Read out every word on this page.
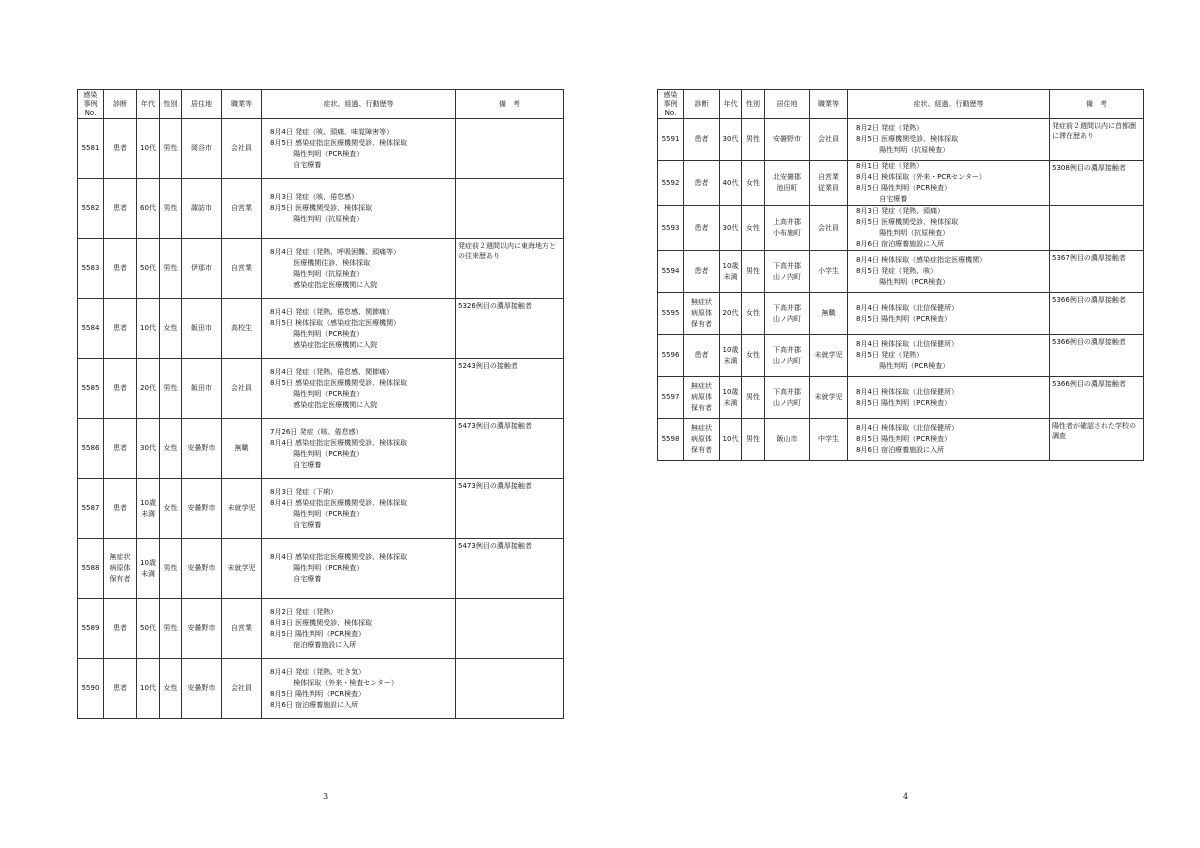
感染
事例
No.	診断	年代	性別	居住地	職業等	症状、経過、行動歴等	備　考
5581	患者	10代	男性	岡谷市	会社員	8月4日 発症（咳、頭痛、味覚障害等）
8月5日 感染症指定医療機関受診、検体採取
　　　 陽性判明（PCR検査）
　　　 自宅療養	

5582	患者	60代	男性	諏訪市	自営業	8月3日 発症（咳、倦怠感）
8月5日 医療機関受診、検体採取
　　　 陽性判明（抗原検査）	

5583	患者	50代	男性	伊那市	自営業	8月4日 発症（発熱、呼吸困難、頭痛等）
　　　 医療機関往診、検体採取
　　　 陽性判明（抗原検査）
　　　 感染症指定医療機関に入院	発症前２週間以内に東海地方との往来歴あり
5584	患者	10代	女性	飯田市	高校生	8月4日 発症（発熱、倦怠感、関節痛）
8月5日 検体採取（感染症指定医療機関）
　　　 陽性判明（PCR検査）
　　　 感染症指定医療機関に入院	5326例目の濃厚接触者
5585	患者	20代	男性	飯田市	会社員	8月4日 発症（発熱、倦怠感、関節痛）
8月5日 感染症指定医療機関受診、検体採取
　　　 陽性判明（PCR検査）
　　　 感染症指定医療機関に入院	5243例目の接触者
5586	患者	30代	女性	安曇野市	無職	7月26日 発症（咳、倦怠感）
8月4日 感染症指定医療機関受診、検体採取
　　　 陽性判明（PCR検査）
　　　 自宅療養	5473例目の濃厚接触者
5587	患者	10歳
未満	女性	安曇野市	未就学児	8月3日 発症（下痢）
8月4日 感染症指定医療機関受診、検体採取
　　　 陽性判明（PCR検査）
　　　 自宅療養	5473例目の濃厚接触者
5588	無症状
病原体
保有者	10歳
未満	男性	安曇野市	未就学児	8月4日 感染症指定医療機関受診、検体採取
　　　 陽性判明（PCR検査）
　　　 自宅療養	5473例目の濃厚接触者
5589	患者	50代	男性	安曇野市	自営業	8月2日 発症（発熱）
8月3日 医療機関受診、検体採取
8月5日 陽性判明（PCR検査）
　　　 宿泊療養施設に入所	

5590	患者	10代	女性	安曇野市	会社員	8月4日 発症（発熱、吐き気）
　　　 検体採取（外来・検査センター）
8月5日 陽性判明（PCR検査）
8月6日 宿泊療養施設に入所	

3
感染
事例
No.	診断	年代	性別	居住地	職業等	症状、経過、行動歴等	備　考
5591	患者	30代	男性	安曇野市	会社員	8月2日 発症（発熱）
8月5日 医療機関受診、検体採取
　　　 陽性判明（抗原検査）	発症前２週間以内に首都圏に滞在歴あり
5592	患者	40代	女性	北安曇郡
池田町	自営業
従業員	8月1日 発症（発熱）
8月4日 検体採取（外来・PCRセンター）
8月5日 陽性判明（PCR検査）
　　　 自宅療養	5308例目の濃厚接触者
5593	患者	30代	女性	上高井郡
小布施町	会社員	8月3日 発症（発熱、頭痛）
8月5日 医療機関受診、検体採取
　　　 陽性判明（抗原検査）
8月6日 宿泊療養施設に入所	

5594	患者	10歳
未満	男性	下高井郡
山ノ内町	小学生	8月4日 検体採取（感染症指定医療機関）
8月5日 発症（発熱、咳）
　　　 陽性判明（PCR検査）	5367例目の濃厚接触者
5595	無症状
病原体
保有者	20代	女性	下高井郡
山ノ内町	無職	8月4日 検体採取（北信保健所）
8月5日 陽性判明（PCR検査）	5366例目の濃厚接触者
5596	患者	10歳
未満	女性	下高井郡
山ノ内町	未就学児	8月4日 検体採取（北信保健所）
8月5日 発症（発熱）
　　　 陽性判明（PCR検査）	5366例目の濃厚接触者
5597	無症状
病原体
保有者	10歳
未満	男性	下高井郡
山ノ内町	未就学児	8月4日 検体採取（北信保健所）
8月5日 陽性判明（PCR検査）	5366例目の濃厚接触者
5598	無症状
病原体
保有者	10代	男性	飯山市	中学生	8月4日 検体採取（北信保健所）
8月5日 陽性判明（PCR検査）
8月6日 宿泊療養施設に入所	陽性者が確認された学校の調査
4
